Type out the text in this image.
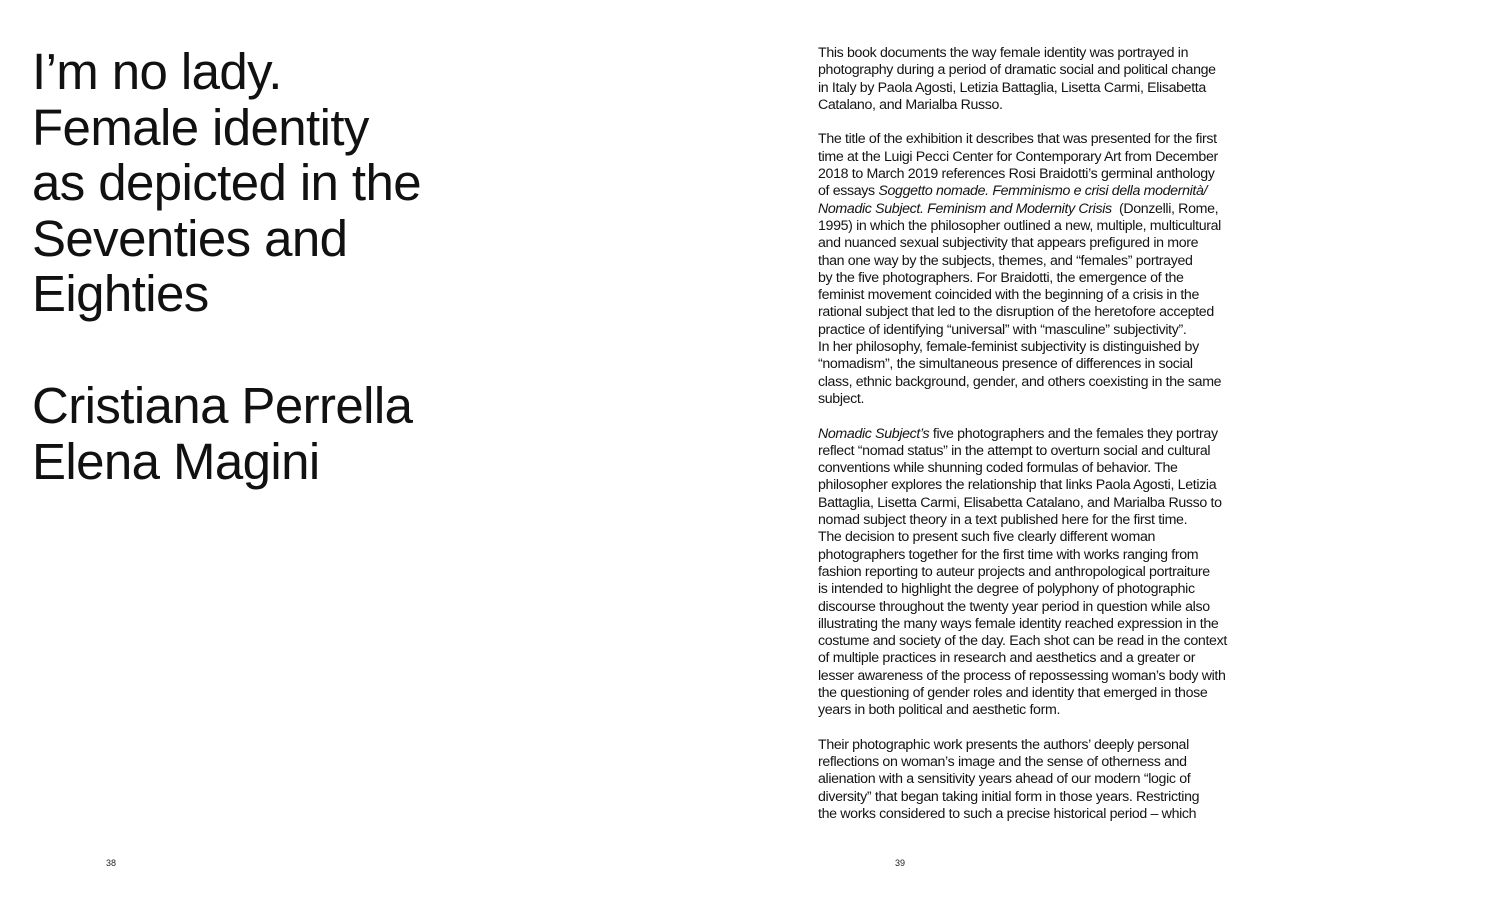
I’m no lady.
Female identity
as depicted in the
Seventies and
Eighties
Cristiana Perrella
Elena Magini
38

This book documents the way female identity was portrayed in
photography during a period of dramatic social and political change
in Italy by Paola Agosti, Letizia Battaglia, Lisetta Carmi, Elisabetta
Catalano, and Marialba Russo.

The title of the exhibition it describes that was presented for the first
time at the Luigi Pecci Center for Contemporary Art from December
2018 to March 2019 references Rosi Braidotti’s germinal anthology
of essays Soggetto nomade. Femminismo e crisi della modernità/
Nomadic Subject. Feminism and Modernity Crisis  (Donzelli, Rome,
1995) in which the philosopher outlined a new, multiple, multicultural
and nuanced sexual subjectivity that appears prefigured in more
than one way by the subjects, themes, and “females” portrayed
by the five photographers. For Braidotti, the emergence of the
feminist movement coincided with the beginning of a crisis in the
rational subject that led to the disruption of the heretofore accepted
practice of identifying “universal” with “masculine” subjectivity”.
In her philosophy, female-feminist subjectivity is distinguished by
“nomadism”, the simultaneous presence of differences in social
class, ethnic background, gender, and others coexisting in the same
subject.

Nomadic Subject’s five photographers and the females they portray
reflect “nomad status” in the attempt to overturn social and cultural
conventions while shunning coded formulas of behavior. The
philosopher explores the relationship that links Paola Agosti, Letizia
Battaglia, Lisetta Carmi, Elisabetta Catalano, and Marialba Russo to
nomad subject theory in a text published here for the first time.
The decision to present such five clearly different woman
photographers together for the first time with works ranging from
fashion reporting to auteur projects and anthropological portraiture
is intended to highlight the degree of polyphony of photographic
discourse throughout the twenty year period in question while also
illustrating the many ways female identity reached expression in the
costume and society of the day. Each shot can be read in the context
of multiple practices in research and aesthetics and a greater or
lesser awareness of the process of repossessing woman’s body with
the questioning of gender roles and identity that emerged in those
years in both political and aesthetic form.

Their photographic work presents the authors’ deeply personal
reflections on woman’s image and the sense of otherness and
alienation with a sensitivity years ahead of our modern “logic of
diversity” that began taking initial form in those years. Restricting
the works considered to such a precise historical period – which

39
